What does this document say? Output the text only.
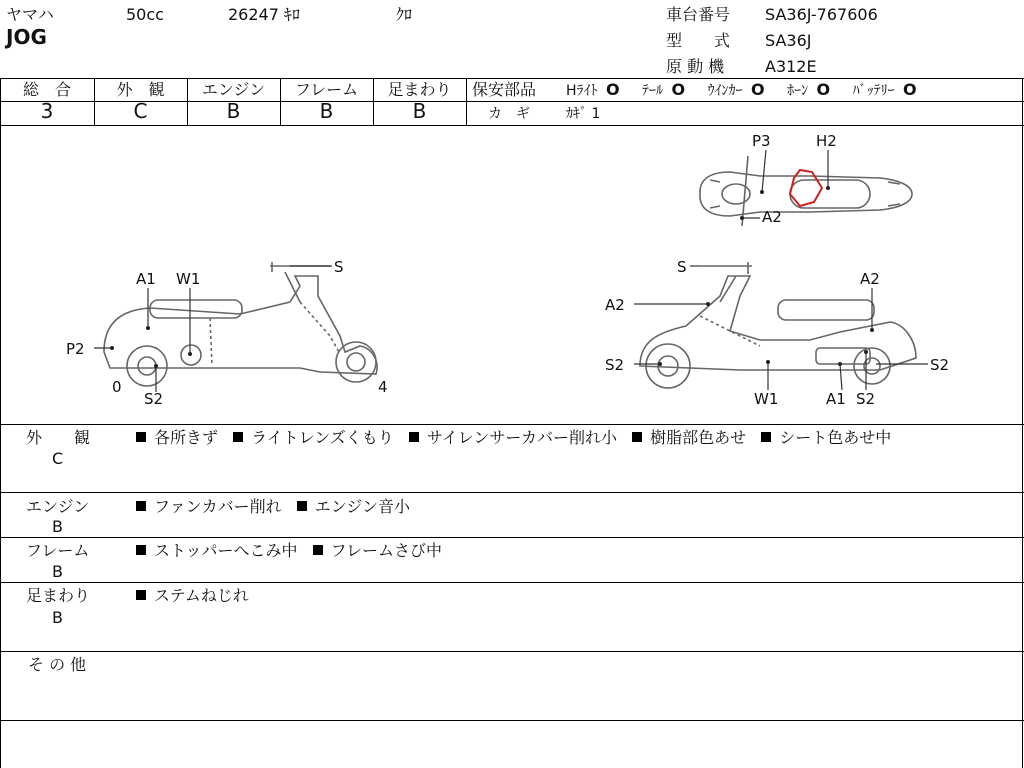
ヤマハ	50cc	26247 ｷﾛ	ｸﾛ
JOG
車台番号 SA36J-767606
型　　式 SA36J
原 動 機	A312E
総　合	外　観	エンジン	フレーム	足まわり
3	C	B	B	B
保安部品 Hﾗｲﾄ O ﾃｰﾙ O ｳｲﾝｶｰ O ﾎｰﾝ O ﾊﾞｯﾃﾘｰ O
カ　ギ	ｶｷﾞ 1
A1 W1
S
P2
0
S2
4
S
A2
A2
S2
W1	A1 S2
S2
P3	H2
A2
外　　観
C
各所きず ライトレンズくもり サイレンサーカバー削れ小 樹脂部色あせ シート色あせ中
エンジン
B
ファンカバー削れ エンジン音小
フレーム
B
ストッパーへこみ中 フレームさび中
足まわり
B
ステムねじれ
そ の 他
